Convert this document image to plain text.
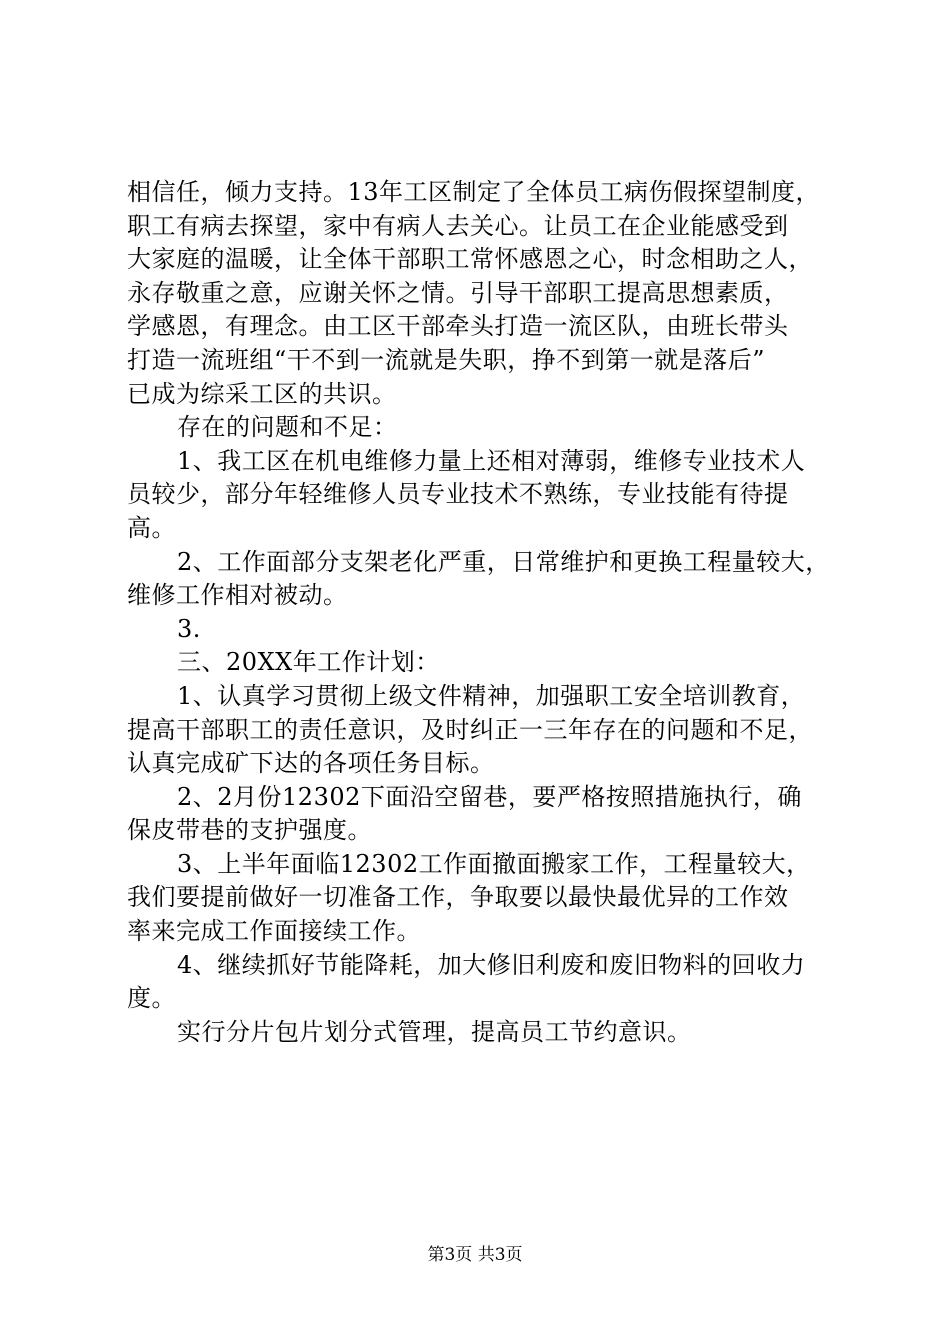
相信任，倾力支持。13年工区制定了全体员工病伤假探望制度，
职工有病去探望，家中有病人去关心。让员工在企业能感受到
大家庭的温暖，让全体干部职工常怀感恩之心，时念相助之人，
永存敬重之意，应谢关怀之情。引导干部职工提高思想素质，
学感恩，有理念。由工区干部牵头打造一流区队，由班长带头
打造一流班组“干不到一流就是失职，挣不到第一就是落后”
已成为综采工区的共识。
存在的问题和不足：
1、我工区在机电维修力量上还相对薄弱，维修专业技术人
员较少，部分年轻维修人员专业技术不熟练，专业技能有待提
高。
2、工作面部分支架老化严重，日常维护和更换工程量较大，
维修工作相对被动。
3.
三、20XX年工作计划：
1、认真学习贯彻上级文件精神，加强职工安全培训教育，
提高干部职工的责任意识，及时纠正一三年存在的问题和不足，
认真完成矿下达的各项任务目标。
2、2月份12302下面沿空留巷，要严格按照措施执行，确
保皮带巷的支护强度。
3、上半年面临12302工作面撤面搬家工作，工程量较大，
我们要提前做好一切准备工作，争取要以最快最优异的工作效
率来完成工作面接续工作。
4、继续抓好节能降耗，加大修旧利废和废旧物料的回收力
度。
实行分片包片划分式管理，提高员工节约意识。
第3页 共3页
